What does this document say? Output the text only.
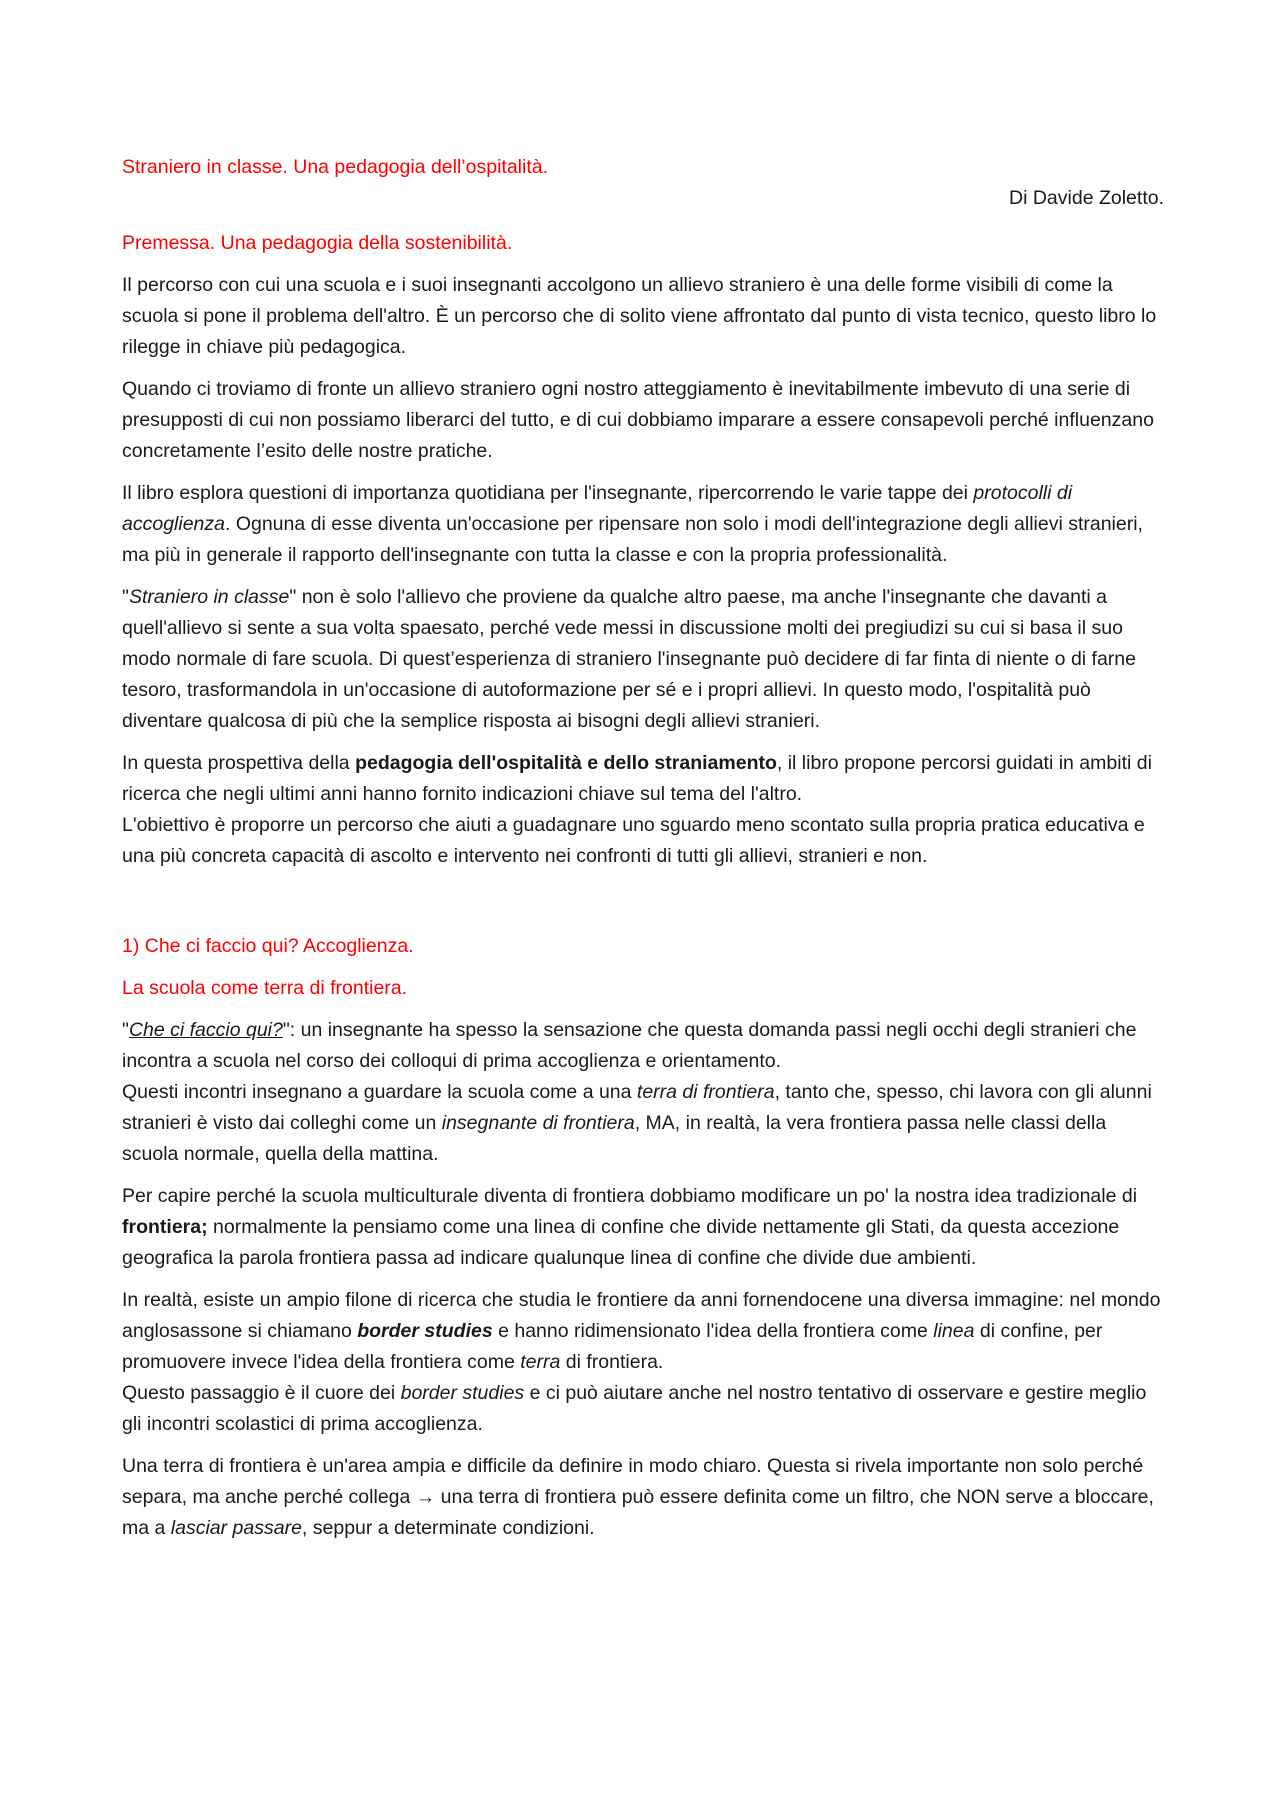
Straniero in classe. Una pedagogia dell’ospitalità.

Di Davide Zoletto.

Premessa. Una pedagogia della sostenibilità.

Il percorso con cui una scuola e i suoi insegnanti accolgono un allievo straniero è una delle forme visibili di come la scuola si pone il problema dell'altro. È un percorso che di solito viene affrontato dal punto di vista tecnico, questo libro lo rilegge in chiave più pedagogica.

Quando ci troviamo di fronte un allievo straniero ogni nostro atteggiamento è inevitabilmente imbevuto di una serie di presupposti di cui non possiamo liberarci del tutto, e di cui dobbiamo imparare a essere consapevoli perché influenzano concretamente l’esito delle nostre pratiche.

Il libro esplora questioni di importanza quotidiana per l'insegnante, ripercorrendo le varie tappe dei protocolli di accoglienza. Ognuna di esse diventa un'occasione per ripensare non solo i modi dell'integrazione degli allievi stranieri, ma più in generale il rapporto dell'insegnante con tutta la classe e con la propria professionalità.

"Straniero in classe" non è solo l'allievo che proviene da qualche altro paese, ma anche l'insegnante che davanti a quell'allievo si sente a sua volta spaesato, perché vede messi in discussione molti dei pregiudizi su cui si basa il suo modo normale di fare scuola. Di quest’esperienza di straniero l'insegnante può decidere di far finta di niente o di farne tesoro, trasformandola in un'occasione di autoformazione per sé e i propri allievi. In questo modo, l'ospitalità può diventare qualcosa di più che la semplice risposta ai bisogni degli allievi stranieri.

In questa prospettiva della pedagogia dell'ospitalità e dello straniamento, il libro propone percorsi guidati in ambiti di ricerca che negli ultimi anni hanno fornito indicazioni chiave sul tema del l'altro.
L'obiettivo è proporre un percorso che aiuti a guadagnare uno sguardo meno scontato sulla propria pratica educativa e una più concreta capacità di ascolto e intervento nei confronti di tutti gli allievi, stranieri e non.

1) Che ci faccio qui? Accoglienza.

La scuola come terra di frontiera.

"Che ci faccio qui?": un insegnante ha spesso la sensazione che questa domanda passi negli occhi degli stranieri che incontra a scuola nel corso dei colloqui di prima accoglienza e orientamento.
Questi incontri insegnano a guardare la scuola come a una terra di frontiera, tanto che, spesso, chi lavora con gli alunni stranieri è visto dai colleghi come un insegnante di frontiera, MA, in realtà, la vera frontiera passa nelle classi della scuola normale, quella della mattina.

Per capire perché la scuola multiculturale diventa di frontiera dobbiamo modificare un po' la nostra idea tradizionale di frontiera; normalmente la pensiamo come una linea di confine che divide nettamente gli Stati, da questa accezione geografica la parola frontiera passa ad indicare qualunque linea di confine che divide due ambienti.

In realtà, esiste un ampio filone di ricerca che studia le frontiere da anni fornendocene una diversa immagine: nel mondo anglosassone si chiamano border studies e hanno ridimensionato l'idea della frontiera come linea di confine, per promuovere invece l'idea della frontiera come terra di frontiera.
Questo passaggio è il cuore dei border studies e ci può aiutare anche nel nostro tentativo di osservare e gestire meglio gli incontri scolastici di prima accoglienza.

Una terra di frontiera è un'area ampia e difficile da definire in modo chiaro. Questa si rivela importante non solo perché separa, ma anche perché collega → una terra di frontiera può essere definita come un filtro, che NON serve a bloccare, ma a lasciar passare, seppur a determinate condizioni.
